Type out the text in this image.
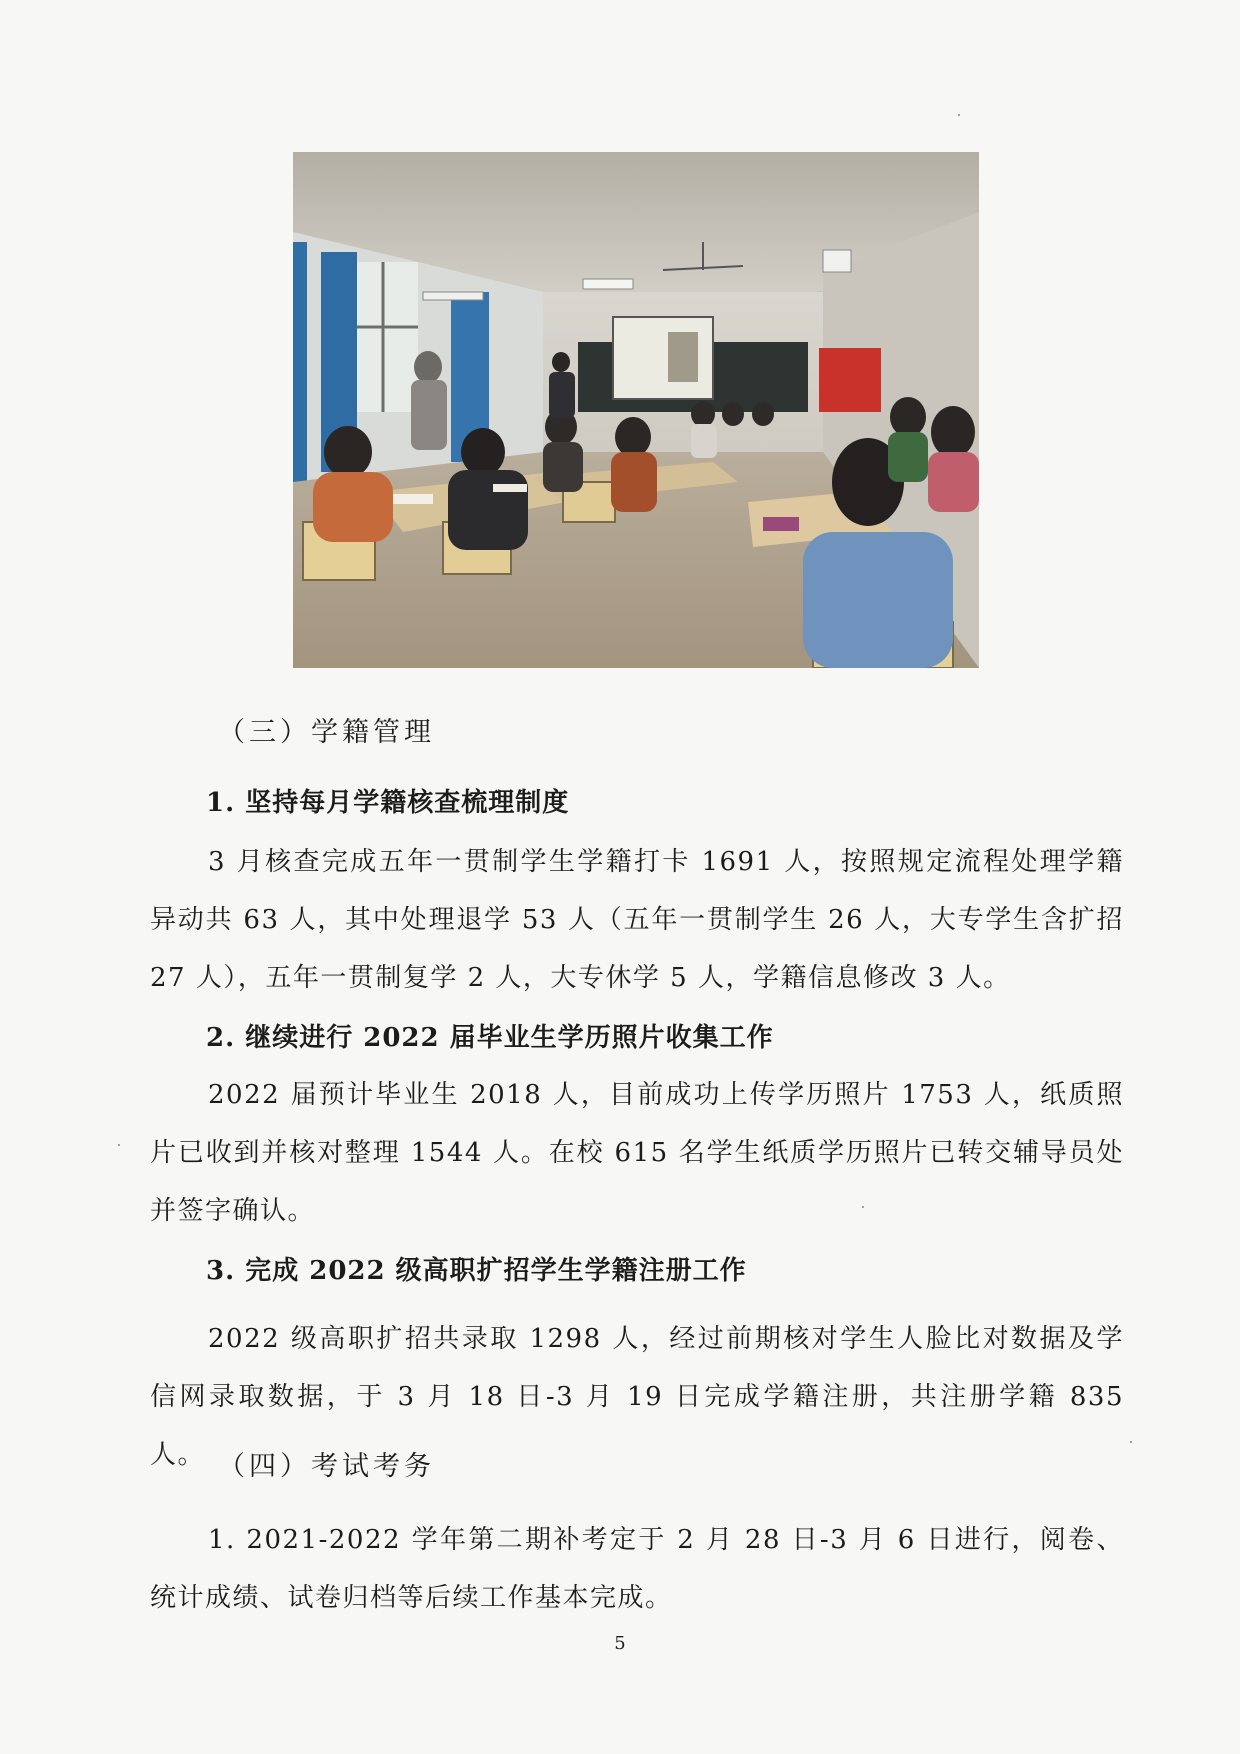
（三）学籍管理
1. 坚持每月学籍核查梳理制度

3 月核查完成五年一贯制学生学籍打卡 1691 人，按照规定流程处理学籍异动共 63 人，其中处理退学 53 人（五年一贯制学生 26 人，大专学生含扩招 27 人），五年一贯制复学 2 人，大专休学 5 人，学籍信息修改 3 人。

2. 继续进行 2022 届毕业生学历照片收集工作

2022 届预计毕业生 2018 人，目前成功上传学历照片 1753 人，纸质照片已收到并核对整理 1544 人。在校 615 名学生纸质学历照片已转交辅导员处并签字确认。

3. 完成 2022 级高职扩招学生学籍注册工作

2022 级高职扩招共录取 1298 人，经过前期核对学生人脸比对数据及学信网录取数据，于 3 月 18 日-3 月 19 日完成学籍注册，共注册学籍 835 人。 （四）考试考务

1. 2021-2022 学年第二期补考定于 2 月 28 日-3 月 6 日进行，阅卷、统计成绩、试卷归档等后续工作基本完成。

5
